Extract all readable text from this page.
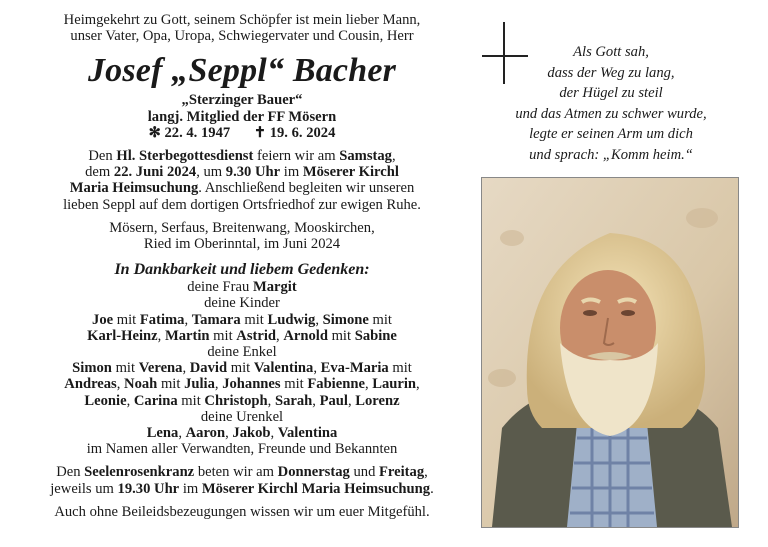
Heimgekehrt zu Gott, seinem Schöpfer ist mein lieber Mann,

unser Vater, Opa, Uropa, Schwiegervater und Cousin, Herr

Josef „Seppl“ Bacher
„Sterzinger Bauer“
langj. Mitglied der FF Mösern
✻ 22. 4. 1947 ✝ 19. 6. 2024
Den Hl. Sterbegottesdienst feiern wir am Samstag,
dem 22. Juni 2024, um 9.30 Uhr im Möserer Kirchl
Maria Heimsuchung. Anschließend begleiten wir unseren
lieben Seppl auf dem dortigen Ortsfriedhof zur ewigen Ruhe.
Mösern, Serfaus, Breitenwang, Mooskirchen,
Ried im Oberinntal, im Juni 2024
In Dankbarkeit und liebem Gedenken:
deine Frau Margit
deine Kinder
Joe mit Fatima, Tamara mit Ludwig, Simone mit
Karl-Heinz, Martin mit Astrid, Arnold mit Sabine
deine Enkel
Simon mit Verena, David mit Valentina, Eva-Maria mit
Andreas, Noah mit Julia, Johannes mit Fabienne, Laurin,
Leonie, Carina mit Christoph, Sarah, Paul, Lorenz
deine Urenkel
Lena, Aaron, Jakob, Valentina
im Namen aller Verwandten, Freunde und Bekannten
Den Seelenrosenkranz beten wir am Donnerstag und Freitag,
jeweils um 19.30 Uhr im Möserer Kirchl Maria Heimsuchung.
Auch ohne Beileidsbezeugungen wissen wir um euer Mitgefühl.
Als Gott sah,
dass der Weg zu lang,
der Hügel zu steil
und das Atmen zu schwer wurde,
legte er seinen Arm um dich
und sprach: „Komm heim.“
